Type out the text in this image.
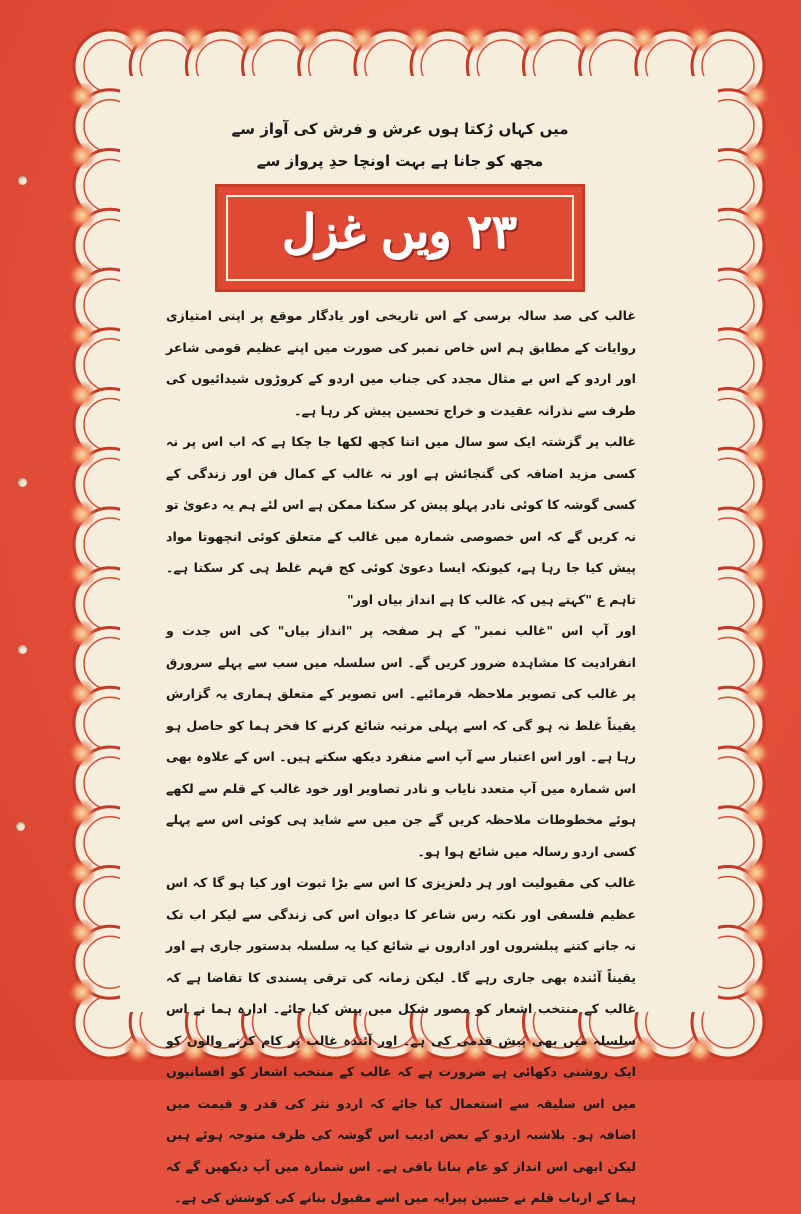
میں کہاں رُکتا ہوں عرش و فرش کی آواز سے
مجھ کو جانا ہے بہت اونچا حدِ پرواز سے
۲۳ ویں غزل

غالب کی صد سالہ برسی کے اس تاریخی اور یادگار موقع پر اپنی امتیازی روایات کے مطابق ہم اس خاص نمبر کی صورت میں اپنے عظیم قومی شاعر اور اردو کے اس بے مثال مجدد کی جناب میں اردو کے کروڑوں شیدائیوں کی طرف سے نذرانہ عقیدت و خراج تحسین پیش کر رہا ہے۔

غالب پر گزشتہ ایک سو سال میں اتنا کچھ لکھا جا چکا ہے کہ اب اس پر نہ کسی مزید اضافہ کی گنجائش ہے اور نہ غالب کے کمال فن اور زندگی کے کسی گوشہ کا کوئی نادر پہلو پیش کر سکنا ممکن ہے اس لئے ہم یہ دعویٰ تو نہ کریں گے کہ اس خصوصی شمارہ میں غالب کے متعلق کوئی انچھوتا مواد پیش کیا جا رہا ہے، کیونکہ ایسا دعویٰ کوئی کج فہم غلط ہی کر سکتا ہے۔ تاہم ع "کہتے ہیں کہ غالب کا ہے انداز بیاں اور"

اور آپ اس "غالب نمبر" کے ہر صفحہ پر "انداز بیاں" کی اس جدت و انفرادیت کا مشاہدہ ضرور کریں گے۔ اس سلسلہ میں سب سے پہلے سرورق پر غالب کی تصویر ملاحظہ فرمائیے۔ اس تصویر کے متعلق ہماری یہ گزارش یقیناً غلط نہ ہو گی کہ اسے پہلی مرتبہ شائع کرنے کا فخر ہما کو حاصل ہو رہا ہے۔ اور اس اعتبار سے آپ اسے منفرد دیکھ سکتے ہیں۔ اس کے علاوہ بھی اس شمارہ میں آپ متعدد نایاب و نادر تصاویر اور خود غالب کے قلم سے لکھے ہوئے مخطوطات ملاحظہ کریں گے جن میں سے شاید ہی کوئی اس سے پہلے کسی اردو رسالہ میں شائع ہوا ہو۔

غالب کی مقبولیت اور ہر دلعزیزی کا اس سے بڑا ثبوت اور کیا ہو گا کہ اس عظیم فلسفی اور نکتہ رس شاعر کا دیوان اس کی زندگی سے لیکر اب تک نہ جانے کتنے پبلشروں اور اداروں نے شائع کیا یہ سلسلہ بدستور جاری ہے اور یقیناً آئندہ بھی جاری رہے گا۔ لیکن زمانہ کی ترقی پسندی کا تقاضا ہے کہ غالب کے منتخب اشعار کو مصور شکل میں پیش کیا جائے۔ ادارہ ہما نے اس سلسلہ میں بھی پیش قدمی کی ہے۔ اور آئندہ غالب پر کام کرنے والوں کو ایک روشنی دکھائی ہے ضرورت ہے کہ غالب کے منتخب اشعار کو افسانیوں میں اس سلیقہ سے استعمال کیا جائے کہ اردو نثر کی قدر و قیمت میں اضافہ ہو۔ بلاشبہ اردو کے بعض ادیب اس گوشہ کی طرف متوجہ ہوئے ہیں لیکن ابھی اس انداز کو عام بنانا باقی ہے۔ اس شمارہ میں آپ دیکھیں گے کہ ہما کے ارباب قلم نے حسین پیرایہ میں اسے مقبول بنانے کی کوشش کی ہے۔
